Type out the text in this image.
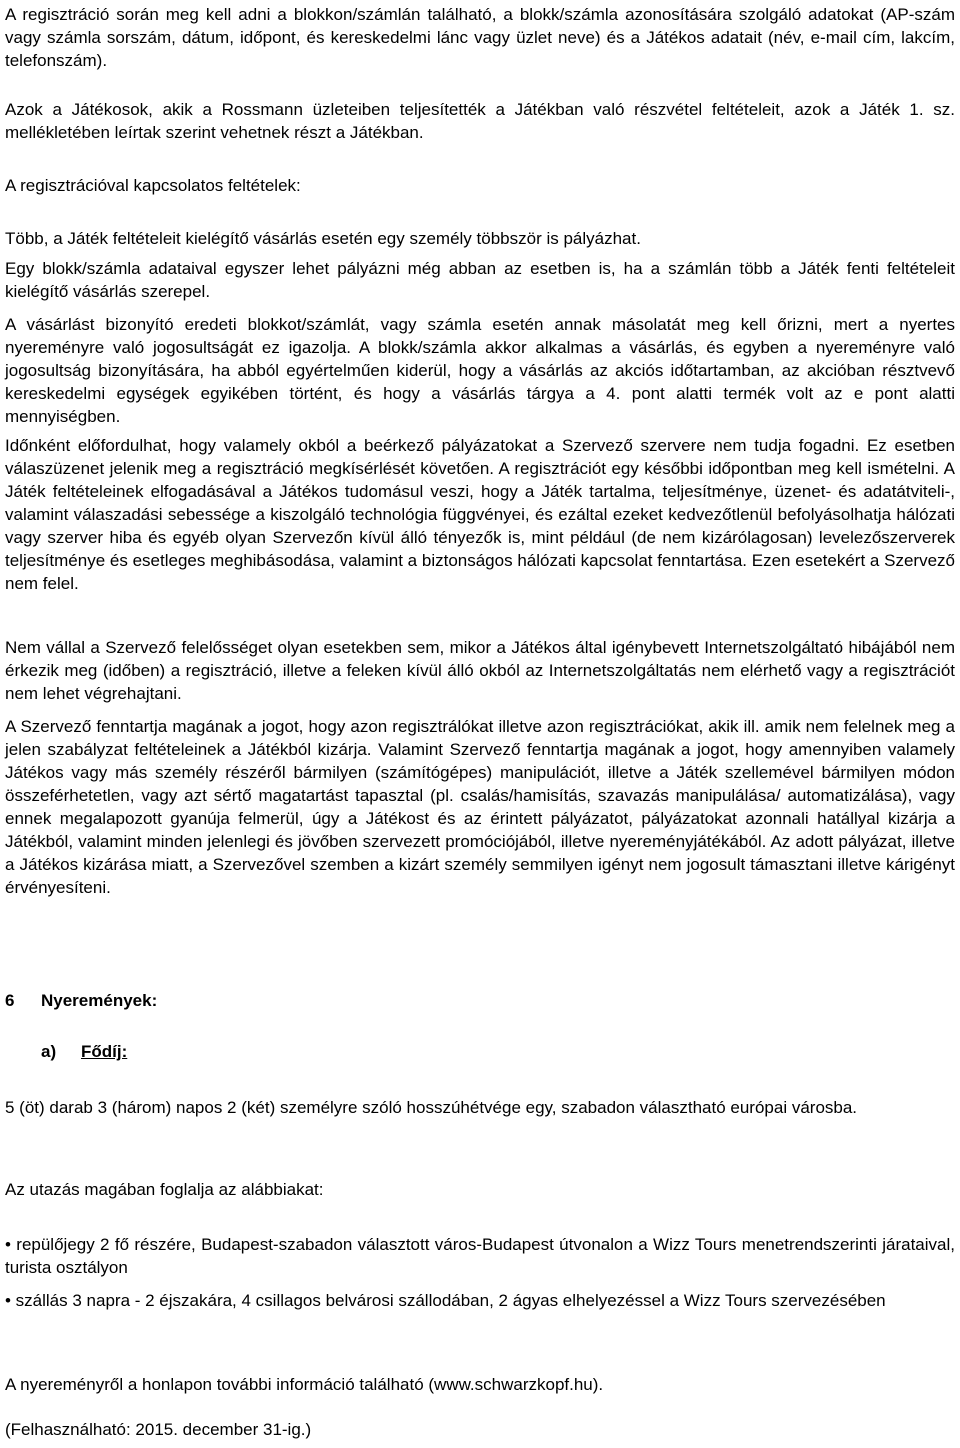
A regisztráció során meg kell adni a blokkon/számlán található, a blokk/számla azonosítására szolgáló adatokat (AP-szám vagy számla sorszám, dátum, időpont, és kereskedelmi lánc vagy üzlet neve) és a Játékos adatait (név, e-mail cím, lakcím, telefonszám).

Azok a Játékosok, akik a Rossmann üzleteiben teljesítették a Játékban való részvétel feltételeit, azok a Játék 1. sz. mellékletében leírtak szerint vehetnek részt a Játékban.

A regisztrációval kapcsolatos feltételek:

Több, a Játék feltételeit kielégítő vásárlás esetén egy személy többször is pályázhat.

Egy blokk/számla adataival egyszer lehet pályázni még abban az esetben is, ha a számlán több a Játék fenti feltételeit kielégítő vásárlás szerepel.

A vásárlást bizonyító eredeti blokkot/számlát, vagy számla esetén annak másolatát meg kell őrizni, mert a nyertes nyereményre való jogosultságát ez igazolja. A blokk/számla akkor alkalmas a vásárlás, és egyben a nyereményre való jogosultság bizonyítására, ha abból egyértelműen kiderül, hogy a vásárlás az akciós időtartamban, az akcióban résztvevő kereskedelmi egységek egyikében történt, és hogy a vásárlás tárgya a 4. pont alatti termék volt az e pont alatti mennyiségben.

Időnként előfordulhat, hogy valamely okból a beérkező pályázatokat a Szervező szervere nem tudja fogadni. Ez esetben válaszüzenet jelenik meg a regisztráció megkísérlését követően. A regisztrációt egy későbbi időpontban meg kell ismételni. A Játék feltételeinek elfogadásával a Játékos tudomásul veszi, hogy a Játék tartalma, teljesítménye, üzenet- és adatátviteli-, valamint válaszadási sebessége a kiszolgáló technológia függvényei, és ezáltal ezeket kedvezőtlenül befolyásolhatja hálózati vagy szerver hiba és egyéb olyan Szervezőn kívül álló tényezők is, mint például (de nem kizárólagosan) levelezőszerverek teljesítménye és esetleges meghibásodása, valamint a biztonságos hálózati kapcsolat fenntartása. Ezen esetekért a Szervező nem felel.

Nem vállal a Szervező felelősséget olyan esetekben sem, mikor a Játékos által igénybevett Internetszolgáltató hibájából nem érkezik meg (időben) a regisztráció, illetve a feleken kívül álló okból az Internetszolgáltatás nem elérhető vagy a regisztrációt nem lehet végrehajtani.

A Szervező fenntartja magának a jogot, hogy azon regisztrálókat illetve azon regisztrációkat, akik ill. amik nem felelnek meg a jelen szabályzat feltételeinek a Játékból kizárja. Valamint Szervező fenntartja magának a jogot, hogy amennyiben valamely Játékos vagy más személy részéről bármilyen (számítógépes) manipulációt, illetve a Játék szellemével bármilyen módon összeférhetetlen, vagy azt sértő magatartást tapasztal (pl. csalás/hamisítás, szavazás manipulálása/ automatizálása), vagy ennek megalapozott gyanúja felmerül, úgy a Játékost és az érintett pályázatot, pályázatokat azonnali hatállyal kizárja a Játékból, valamint minden jelenlegi és jövőben szervezett promóciójából, illetve nyereményjátékából. Az adott pályázat, illetve a Játékos kizárása miatt, a Szervezővel szemben a kizárt személy semmilyen igényt nem jogosult támasztani illetve kárigényt érvényesíteni.

6 Nyeremények:
a) Fődíj:

5 (öt) darab 3 (három) napos 2 (két) személyre szóló hosszúhétvége egy, szabadon választható európai városba.

Az utazás magában foglalja az alábbiakat:

• repülőjegy 2 fő részére, Budapest-szabadon választott város-Budapest útvonalon a Wizz Tours menetrendszerinti járataival, turista osztályon

• szállás 3 napra - 2 éjszakára, 4 csillagos belvárosi szállodában, 2 ágyas elhelyezéssel a Wizz Tours szervezésében

A nyereményről a honlapon további információ található (www.schwarzkopf.hu).

(Felhasználható: 2015. december 31-ig.)
